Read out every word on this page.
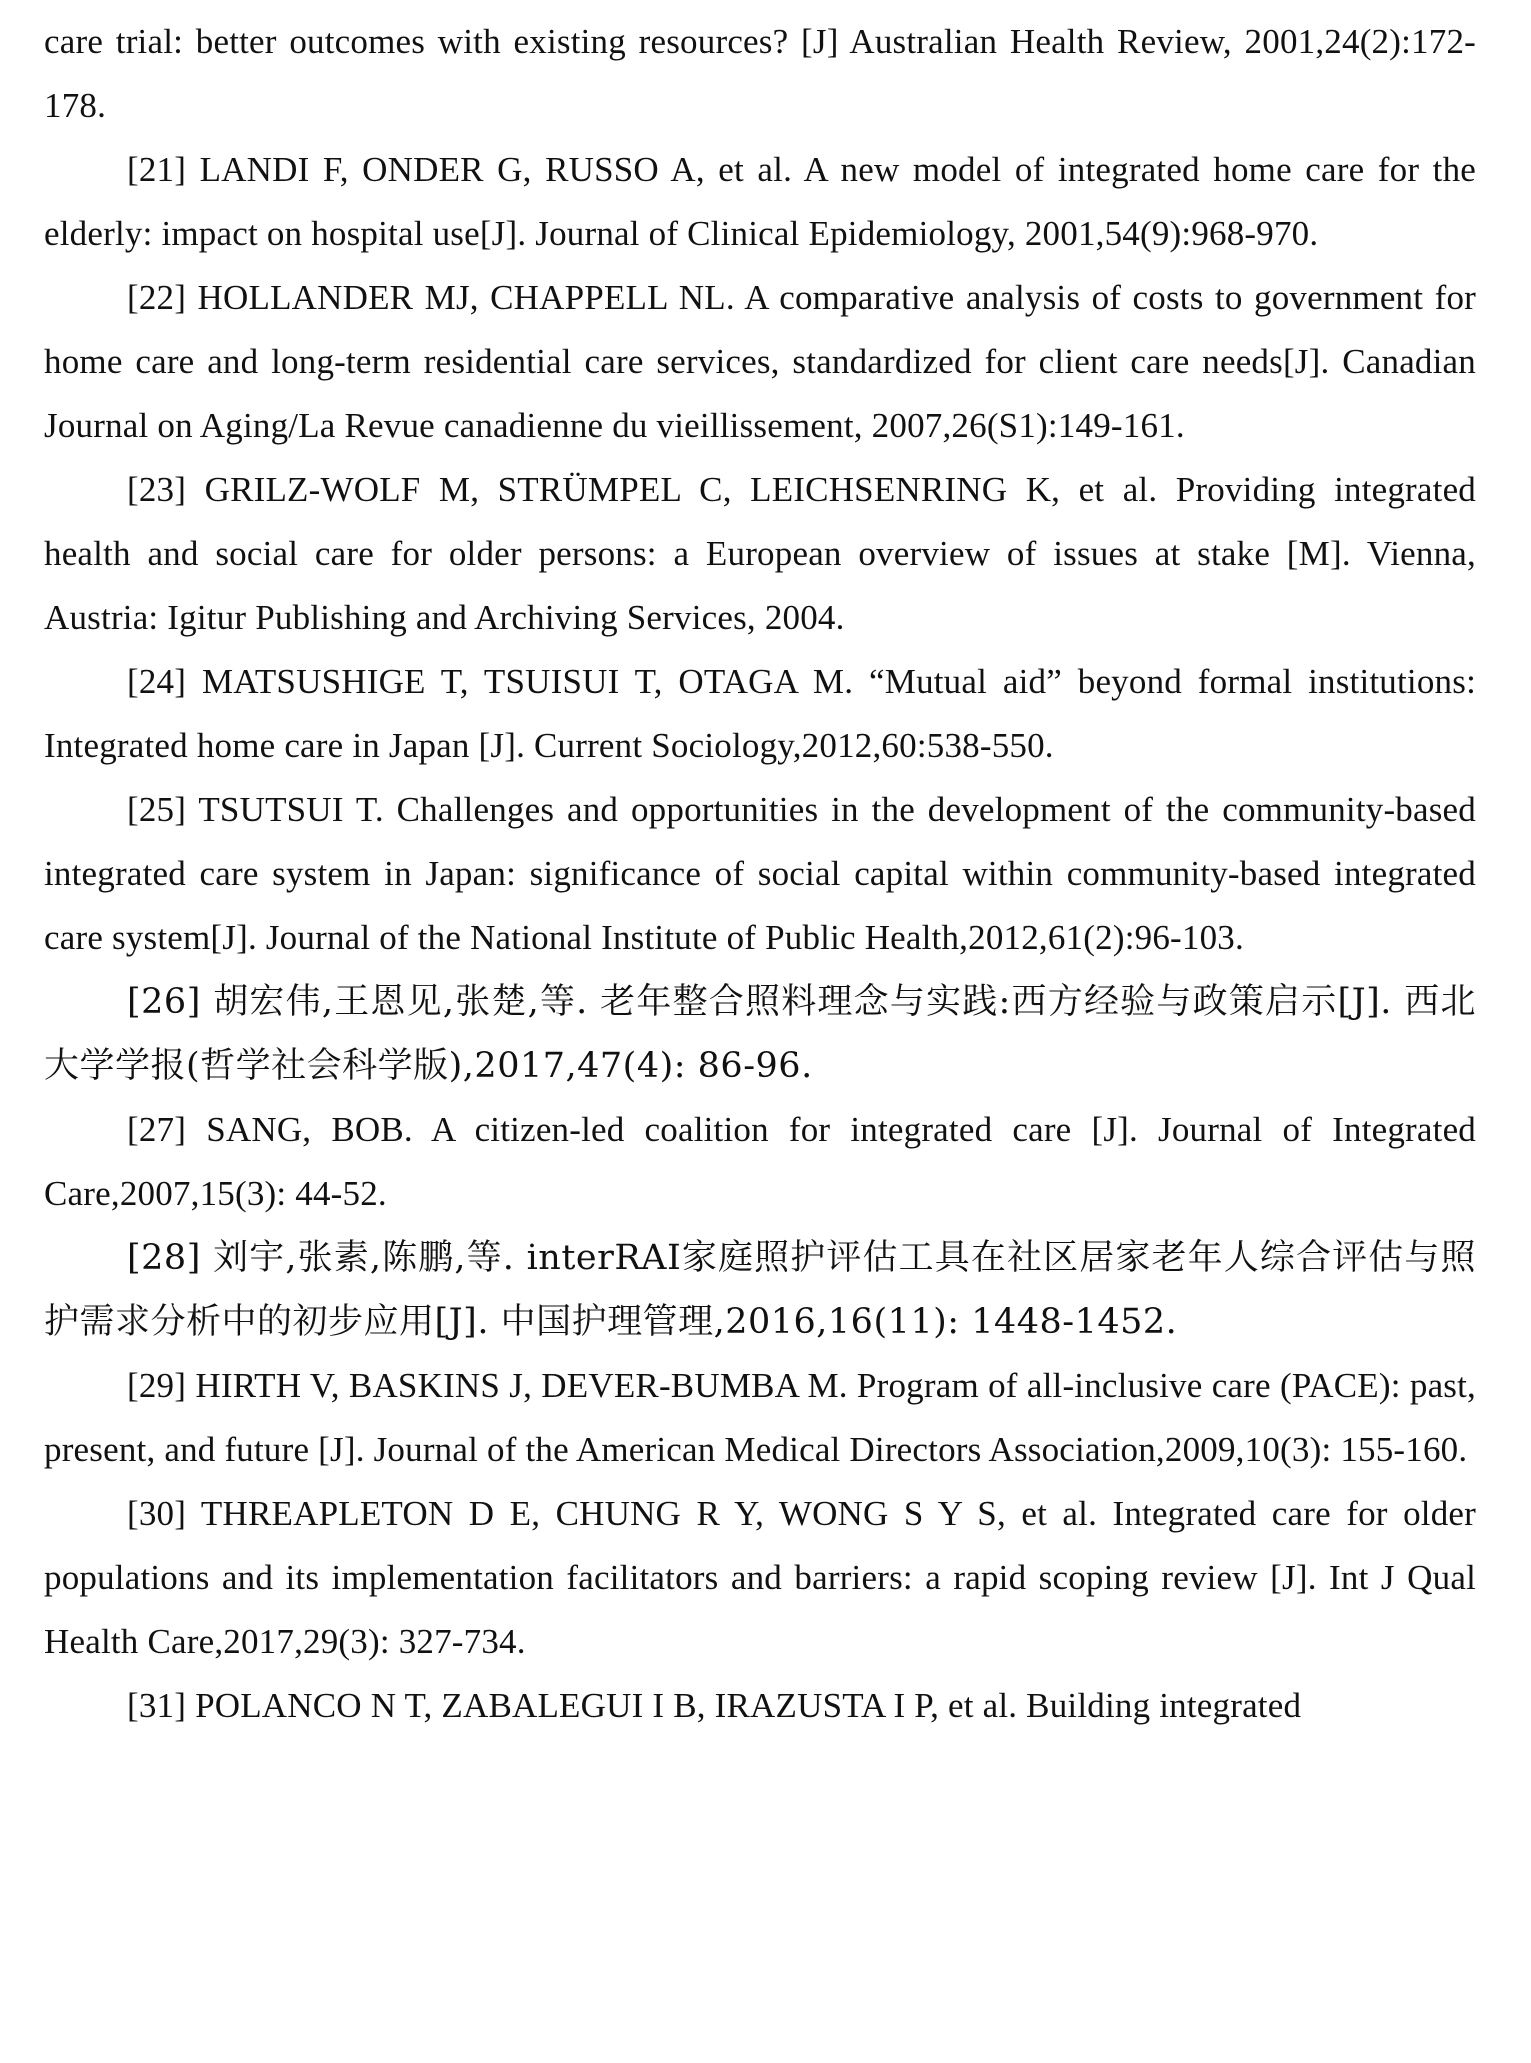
care trial: better outcomes with existing resources? [J] Australian Health Review, 2001,24(2):172-178.

[21] LANDI F, ONDER G, RUSSO A, et al. A new model of integrated home care for the elderly: impact on hospital use[J]. Journal of Clinical Epidemiology, 2001,54(9):968-970.

[22] HOLLANDER MJ, CHAPPELL NL. A comparative analysis of costs to government for home care and long-term residential care services, standardized for client care needs[J]. Canadian Journal on Aging/La Revue canadienne du vieillissement, 2007,26(S1):149-161.

[23] GRILZ-WOLF M, STRÜMPEL C, LEICHSENRING K, et al. Providing integrated health and social care for older persons: a European overview of issues at stake [M]. Vienna, Austria: Igitur Publishing and Archiving Services, 2004.

[24] MATSUSHIGE T, TSUISUI T, OTAGA M. “Mutual aid” beyond formal institutions: Integrated home care in Japan [J]. Current Sociology,2012,60:538-550.

[25] TSUTSUI T. Challenges and opportunities in the development of the community-based integrated care system in Japan: significance of social capital within community-based integrated care system[J]. Journal of the National Institute of Public Health,2012,61(2):96-103.

[26] 胡宏伟,王恩见,张楚,等. 老年整合照料理念与实践:西方经验与政策启示[J]. 西北大学学报(哲学社会科学版),2017,47(4): 86-96.

[27] SANG, BOB. A citizen-led coalition for integrated care [J]. Journal of Integrated Care,2007,15(3): 44-52.

[28] 刘宇,张素,陈鹏,等. interRAI家庭照护评估工具在社区居家老年人综合评估与照护需求分析中的初步应用[J]. 中国护理管理,2016,16(11): 1448-1452.

[29] HIRTH V, BASKINS J, DEVER-BUMBA M. Program of all-inclusive care (PACE): past, present, and future [J]. Journal of the American Medical Directors Association,2009,10(3): 155-160.

[30] THREAPLETON D E, CHUNG R Y, WONG S Y S, et al. Integrated care for older populations and its implementation facilitators and barriers: a rapid scoping review [J]. Int J Qual Health Care,2017,29(3): 327-734.

[31] POLANCO N T, ZABALEGUI I B, IRAZUSTA I P, et al. Building integrated
